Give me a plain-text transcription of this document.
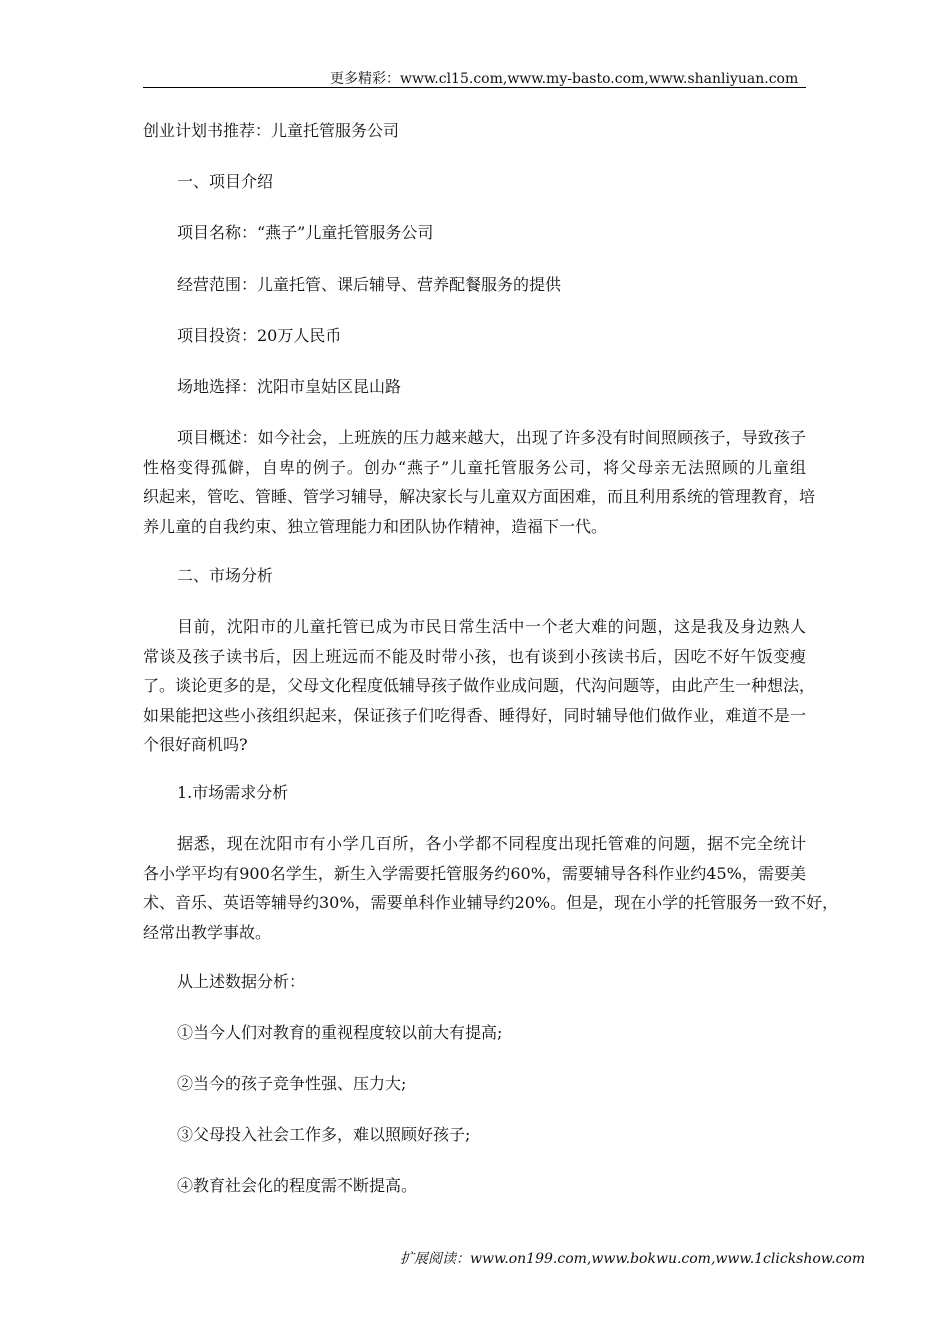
更多精彩：www.cl15.com,www.my-basto.com,www.shanliyuan.com
创业计划书推荐：儿童托管服务公司
一、项目介绍
项目名称：“燕子”儿童托管服务公司
经营范围：儿童托管、课后辅导、营养配餐服务的提供
项目投资：20万人民币
场地选择：沈阳市皇姑区昆山路
项目概述：如今社会，上班族的压力越来越大，出现了许多没有时间照顾孩子，导致孩子
性格变得孤僻，自卑的例子。创办“燕子”儿童托管服务公司，将父母亲无法照顾的儿童组
织起来，管吃、管睡、管学习辅导，解决家长与儿童双方面困难，而且利用系统的管理教育，培
养儿童的自我约束、独立管理能力和团队协作精神，造福下一代。
二、市场分析
目前，沈阳市的儿童托管已成为市民日常生活中一个老大难的问题，这是我及身边熟人
常谈及孩子读书后，因上班远而不能及时带小孩，也有谈到小孩读书后，因吃不好午饭变瘦
了。谈论更多的是，父母文化程度低辅导孩子做作业成问题，代沟问题等，由此产生一种想法，
如果能把这些小孩组织起来，保证孩子们吃得香、睡得好，同时辅导他们做作业，难道不是一
个很好商机吗?
1.市场需求分析
据悉，现在沈阳市有小学几百所，各小学都不同程度出现托管难的问题，据不完全统计
各小学平均有900名学生，新生入学需要托管服务约60%，需要辅导各科作业约45%，需要美
术、音乐、英语等辅导约30%，需要单科作业辅导约20%。但是，现在小学的托管服务一致不好，
经常出教学事故。
从上述数据分析：
①当今人们对教育的重视程度较以前大有提高;
②当今的孩子竞争性强、压力大;
③父母投入社会工作多，难以照顾好孩子;
④教育社会化的程度需不断提高。
扩展阅读：www.on199.com,www.bokwu.com,www.1clickshow.com
